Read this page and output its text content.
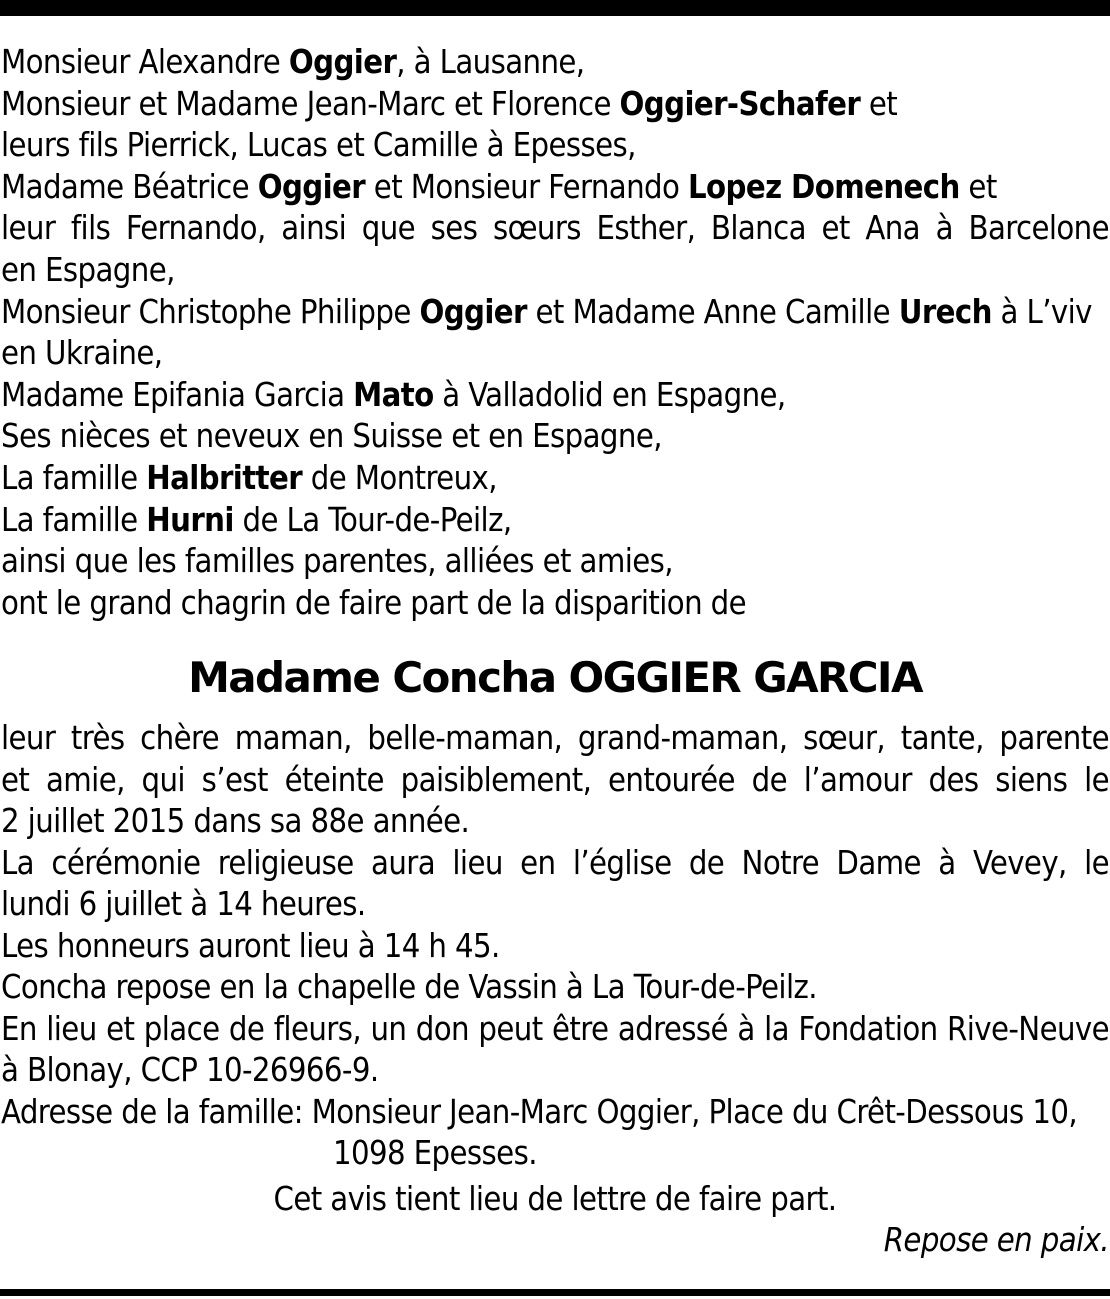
Monsieur Alexandre Oggier, à Lausanne,
Monsieur et Madame Jean-Marc et Florence Oggier-Schafer et
leurs fils Pierrick, Lucas et Camille à Epesses,
Madame Béatrice Oggier et Monsieur Fernando Lopez Domenech et
leur fils Fernando, ainsi que ses sœurs Esther, Blanca et Ana à Barcelone
en Espagne,
Monsieur Christophe Philippe Oggier et Madame Anne Camille Urech à L’viv
en Ukraine,
Madame Epifania Garcia Mato à Valladolid en Espagne,
Ses nièces et neveux en Suisse et en Espagne,
La famille Halbritter de Montreux,
La famille Hurni de La Tour-de-Peilz,
ainsi que les familles parentes, alliées et amies,
ont le grand chagrin de faire part de la disparition de
Madame Concha OGGIER GARCIA
leur très chère maman, belle-maman, grand-maman, sœur, tante, parente
et amie, qui s’est éteinte paisiblement, entourée de l’amour des siens le
2 juillet 2015 dans sa 88e année.
La cérémonie religieuse aura lieu en l’église de Notre Dame à Vevey, le
lundi 6 juillet à 14 heures.
Les honneurs auront lieu à 14 h 45.
Concha repose en la chapelle de Vassin à La Tour-de-Peilz.
En lieu et place de fleurs, un don peut être adressé à la Fondation Rive-Neuve
à Blonay, CCP 10-26966-9.
Adresse de la famille: Monsieur Jean-Marc Oggier, Place du Crêt-Dessous 10,
1098 Epesses.
Cet avis tient lieu de lettre de faire part.
Repose en paix.
